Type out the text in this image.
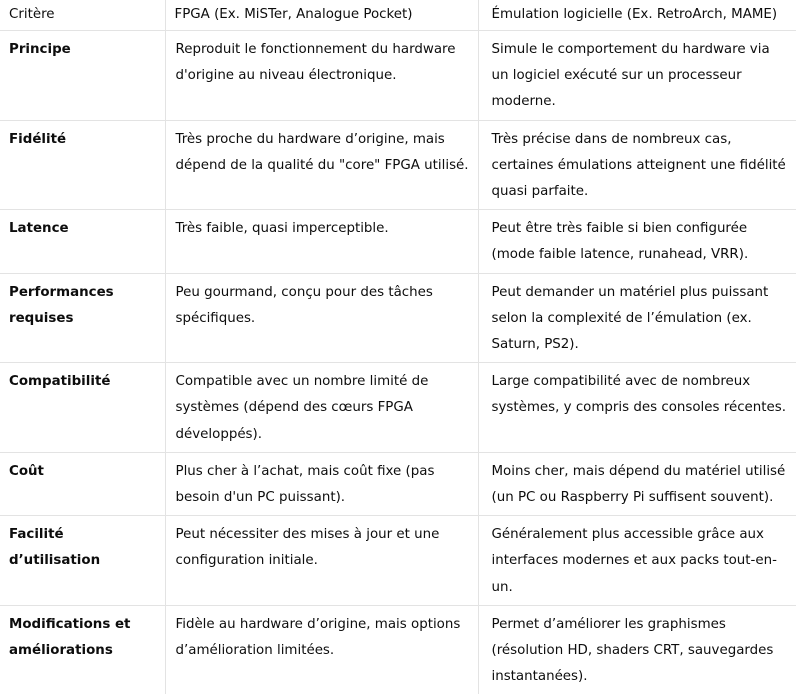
Critère	FPGA (Ex. MiSTer, Analogue Pocket)	Émulation logicielle (Ex. RetroArch, MAME)
Principe	Reproduit le fonctionnement du hardware d'origine au niveau électronique.	Simule le comportement du hardware via un logiciel exécuté sur un processeur moderne.
Fidélité	Très proche du hardware d’origine, mais dépend de la qualité du "core" FPGA utilisé.	Très précise dans de nombreux cas, certaines émulations atteignent une fidélité quasi parfaite.
Latence	Très faible, quasi imperceptible.	Peut être très faible si bien configurée (mode faible latence, runahead, VRR).
Performances requises	Peu gourmand, conçu pour des tâches spécifiques.	Peut demander un matériel plus puissant selon la complexité de l’émulation (ex. Saturn, PS2).
Compatibilité	Compatible avec un nombre limité de systèmes (dépend des cœurs FPGA développés).	Large compatibilité avec de nombreux systèmes, y compris des consoles récentes.
Coût	Plus cher à l’achat, mais coût fixe (pas besoin d'un PC puissant).	Moins cher, mais dépend du matériel utilisé (un PC ou Raspberry Pi suffisent souvent).
Facilité d’utilisation	Peut nécessiter des mises à jour et une configuration initiale.	Généralement plus accessible grâce aux interfaces modernes et aux packs tout-en-un.
Modifications et améliorations	Fidèle au hardware d’origine, mais options d’amélioration limitées.	Permet d’améliorer les graphismes (résolution HD, shaders CRT, sauvegardes instantanées).
